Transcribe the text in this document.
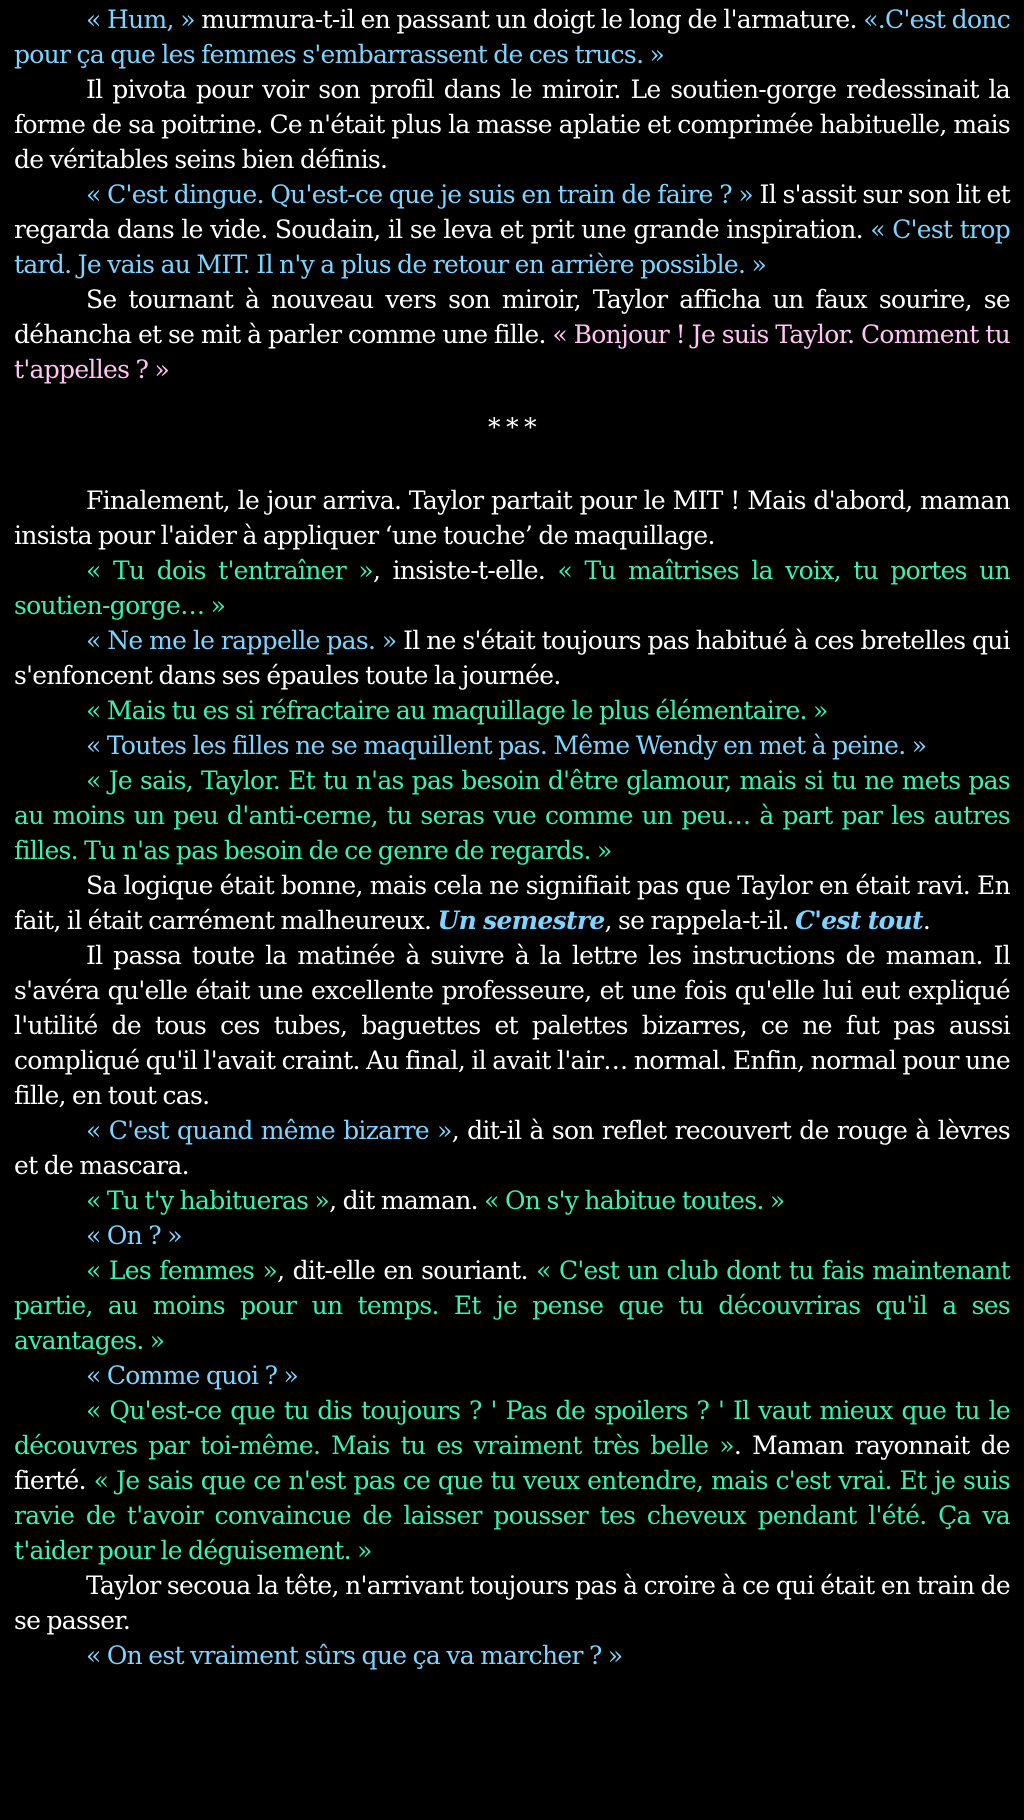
« Hum, » murmura-t-il en passant un doigt le long de l'armature. «.C'est donc pour ça que les femmes s'embarrassent de ces trucs. »

Il pivota pour voir son profil dans le miroir. Le soutien-gorge redessinait la forme de sa poitrine. Ce n'était plus la masse aplatie et comprimée habituelle, mais de véritables seins bien définis.

« C'est dingue. Qu'est-ce que je suis en train de faire ? » Il s'assit sur son lit et regarda dans le vide. Soudain, il se leva et prit une grande inspiration. « C'est trop tard. Je vais au MIT. Il n'y a plus de retour en arrière possible. »

Se tournant à nouveau vers son miroir, Taylor afficha un faux sourire, se déhancha et se mit à parler comme une fille. « Bonjour ! Je suis Taylor. Comment tu t'appelles ? »

* * *

Finalement, le jour arriva. Taylor partait pour le MIT ! Mais d'abord, maman insista pour l'aider à appliquer ‘une touche’ de maquillage.

« Tu dois t'entraîner », insiste-t-elle. « Tu maîtrises la voix, tu portes un soutien-gorge… »

« Ne me le rappelle pas. » Il ne s'était toujours pas habitué à ces bretelles qui s'enfoncent dans ses épaules toute la journée.

« Mais tu es si réfractaire au maquillage le plus élémentaire. »

« Toutes les filles ne se maquillent pas. Même Wendy en met à peine. »

« Je sais, Taylor. Et tu n'as pas besoin d'être glamour, mais si tu ne mets pas au moins un peu d'anti-cerne, tu seras vue comme un peu… à part par les autres filles. Tu n'as pas besoin de ce genre de regards. »

Sa logique était bonne, mais cela ne signifiait pas que Taylor en était ravi. En fait, il était carrément malheureux. Un semestre, se rappela-t-il. C'est tout.

Il passa toute la matinée à suivre à la lettre les instructions de maman. Il s'avéra qu'elle était une excellente professeure, et une fois qu'elle lui eut expliqué l'utilité de tous ces tubes, baguettes et palettes bizarres, ce ne fut pas aussi compliqué qu'il l'avait craint. Au final, il avait l'air… normal. Enfin, normal pour une fille, en tout cas.

« C'est quand même bizarre », dit-il à son reflet recouvert de rouge à lèvres et de mascara.

« Tu t'y habitueras », dit maman. « On s'y habitue toutes. »

« On ? »

« Les femmes », dit-elle en souriant. « C'est un club dont tu fais maintenant partie, au moins pour un temps. Et je pense que tu découvriras qu'il a ses avantages. »

« Comme quoi ? »

« Qu'est-ce que tu dis toujours ? ' Pas de spoilers ? ' Il vaut mieux que tu le découvres par toi-même. Mais tu es vraiment très belle ». Maman rayonnait de fierté. « Je sais que ce n'est pas ce que tu veux entendre, mais c'est vrai. Et je suis ravie de t'avoir convaincue de laisser pousser tes cheveux pendant l'été. Ça va t'aider pour le déguisement. »

Taylor secoua la tête, n'arrivant toujours pas à croire à ce qui était en train de se passer.

« On est vraiment sûrs que ça va marcher ? »
